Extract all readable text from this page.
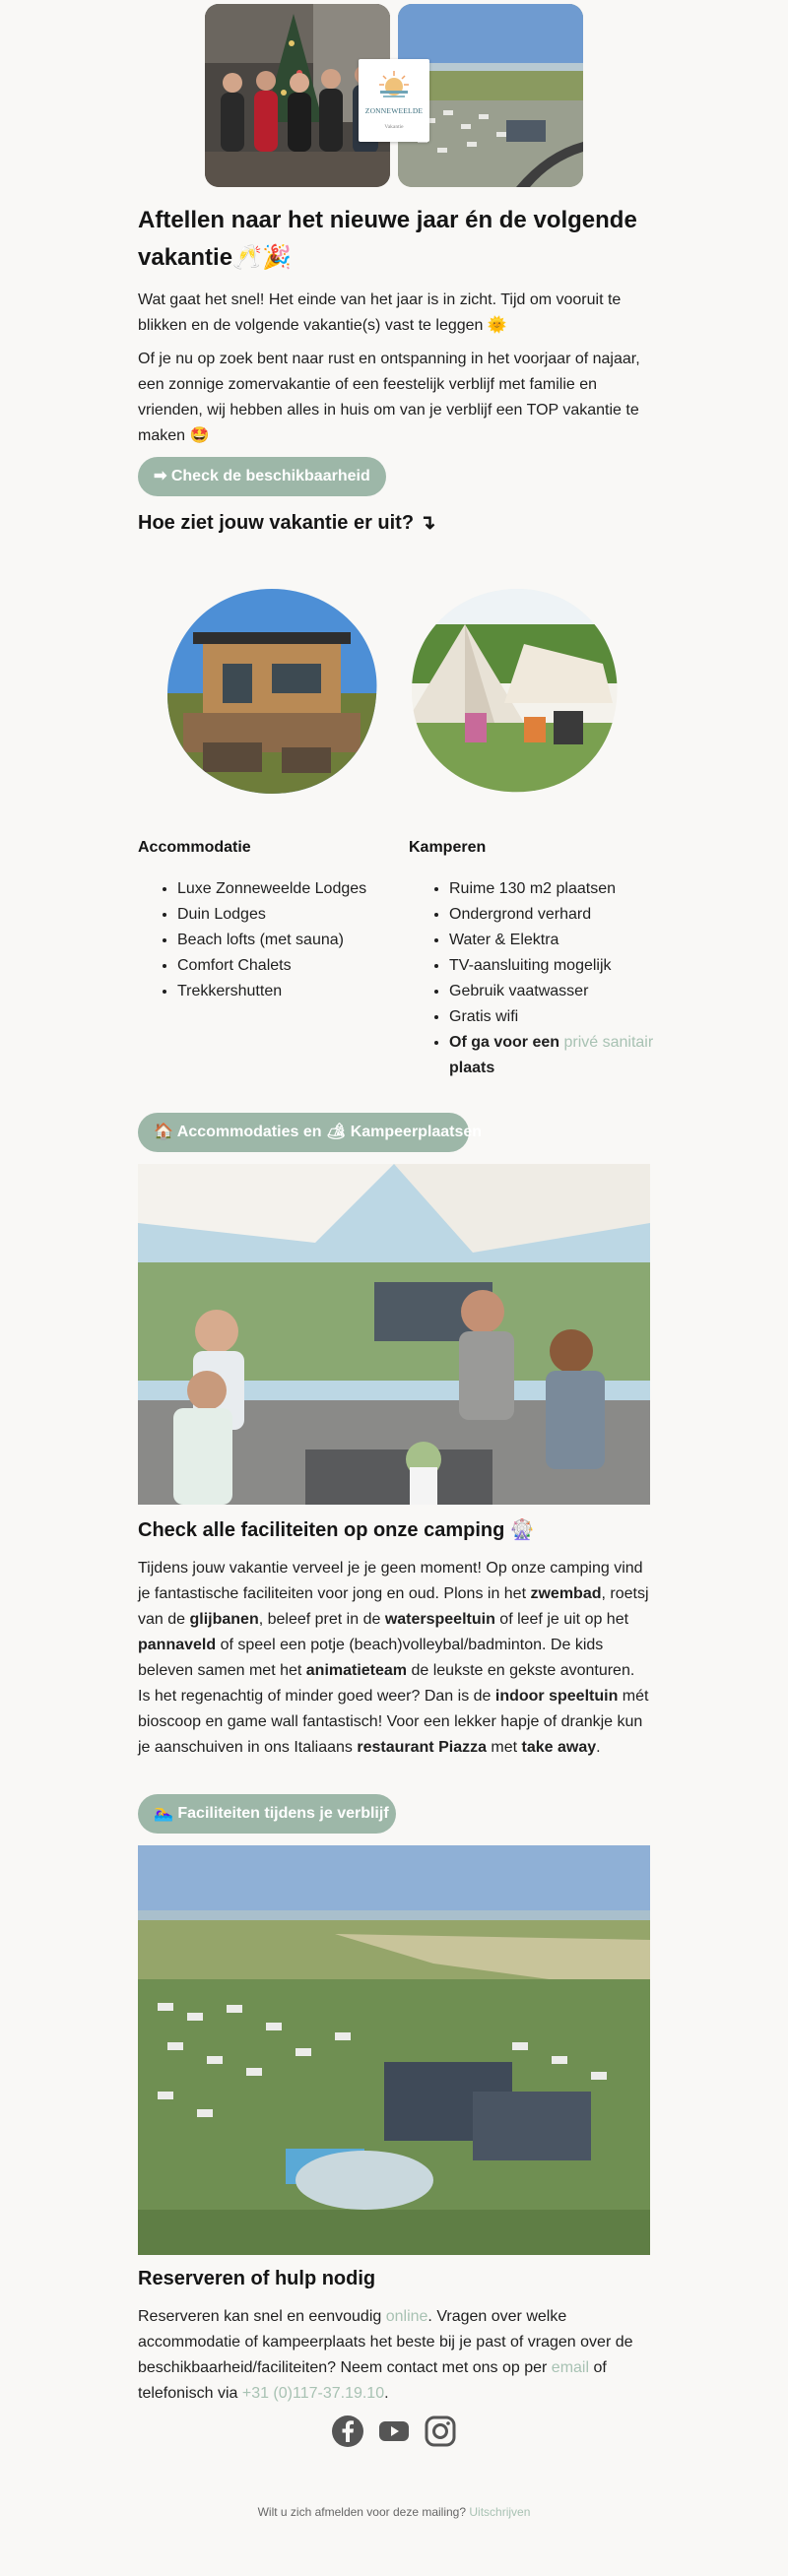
ZONNEWEELDE
Vakantie
Aftellen naar het nieuwe jaar én de volgende vakantie🥂🎉

Wat gaat het snel! Het einde van het jaar is in zicht. Tijd om vooruit te blikken en de volgende vakantie(s) vast te leggen 🌞

Of je nu op zoek bent naar rust en ontspanning in het voorjaar of najaar, een zonnige zomervakantie of een feestelijk verblijf met familie en vrienden, wij hebben alles in huis om van je verblijf een TOP vakantie te maken 🤩

➡ Check de beschikbaarheid
Hoe ziet jouw vakantie er uit? ↴
Accommodatie
• Luxe Zonneweelde Lodges
• Duin Lodges
• Beach lofts (met sauna)
• Comfort Chalets
• Trekkershutten
Kamperen
• Ruime 130 m2 plaatsen
• Ondergrond verhard
• Water & Elektra
• TV-aansluiting mogelijk
• Gebruik vaatwasser
• Gratis wifi
• Of ga voor een privé sanitair plaats
🏠 Accommodaties en 🏕 Kampeerplaatsen
Check alle faciliteiten op onze camping 🎡

Tijdens jouw vakantie verveel je je geen moment! Op onze camping vind je fantastische faciliteiten voor jong en oud. Plons in het zwembad, roetsj van de glijbanen, beleef pret in de waterspeeltuin of leef je uit op het pannaveld of speel een potje (beach)volleybal/badminton. De kids beleven samen met het animatieteam de leukste en gekste avonturen. Is het regenachtig of minder goed weer? Dan is de indoor speeltuin mét bioscoop en game wall fantastisch! Voor een lekker hapje of drankje kun je aanschuiven in ons Italiaans restaurant Piazza met take away.

🏊‍♀️ Faciliteiten tijdens je verblijf
Reserveren of hulp nodig

Reserveren kan snel en eenvoudig online. Vragen over welke accommodatie of kampeerplaats het beste bij je past of vragen over de beschikbaarheid/faciliteiten? Neem contact met ons op per email of telefonisch via +31 (0)117-37.19.10.

Wilt u zich afmelden voor deze mailing? Uitschrijven
